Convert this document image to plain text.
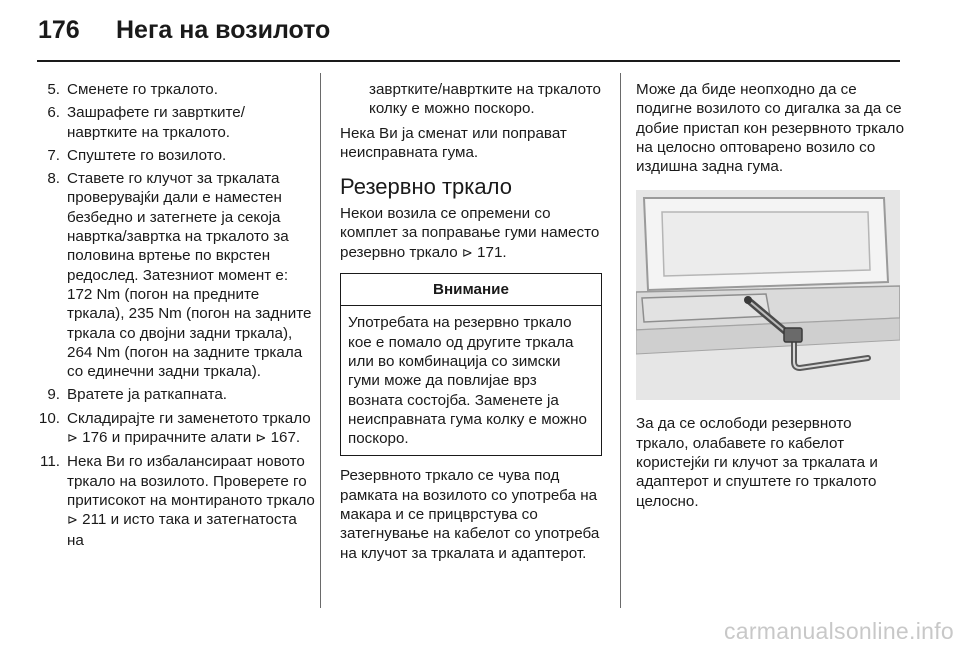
176 Нега на возилото
5. Сменете го тркалото.
6. Зашрафете ги завртките/ навртките на тркалото.
7. Спуштете го возилото.
8. Ставете го клучот за тркалата проверувајќи дали е наместен безбедно и затегнете ја секоја навртка/завртка на тркалото за половина вртење по вкрстен редослед. Затезниот момент е: 172 Nm (погон на предните тркала), 235 Nm (погон на задните тркала со двојни задни тркала), 264 Nm (погон на задните тркала со единечни задни тркала).
9. Вратете ја раткапната.
10. Складирајте ги заменетото тркало ⊳ 176 и прирачните алати ⊳ 167.
11. Нека Ви го избалансираат новото тркало на возилото. Проверете го притисокот на монтираното тркало ⊳ 211 и исто така и затегнатоста на
завртките/навртките на тркалото колку е можно поскоро.
Нека Ви ја сменат или поправат неисправната гума.
Резервно тркало
Некои возила се опремени со комплет за поправање гуми наместо резервно тркало ⊳ 171.
Внимание
Употребата на резервно тркало кое е помало од другите тркала или во комбинација со зимски гуми може да повлијае врз возната состојба. Заменете ја неисправната гума колку е можно поскоро.
Резервното тркало се чува под рамката на возилото со употреба на макара и се прицврстува со затегнување на кабелот со употреба на клучот за тркалата и адаптерот.
Може да биде неопходно да се подигне возилото со дигалка за да се добие пристап кон резервното тркало на целосно оптоварено возило со издишна задна гума.
За да се ослободи резервното тркало, олабавете го кабелот користејќи ги клучот за тркалата и адаптерот и спуштете го тркалото целосно.
carmanualsonline.info
